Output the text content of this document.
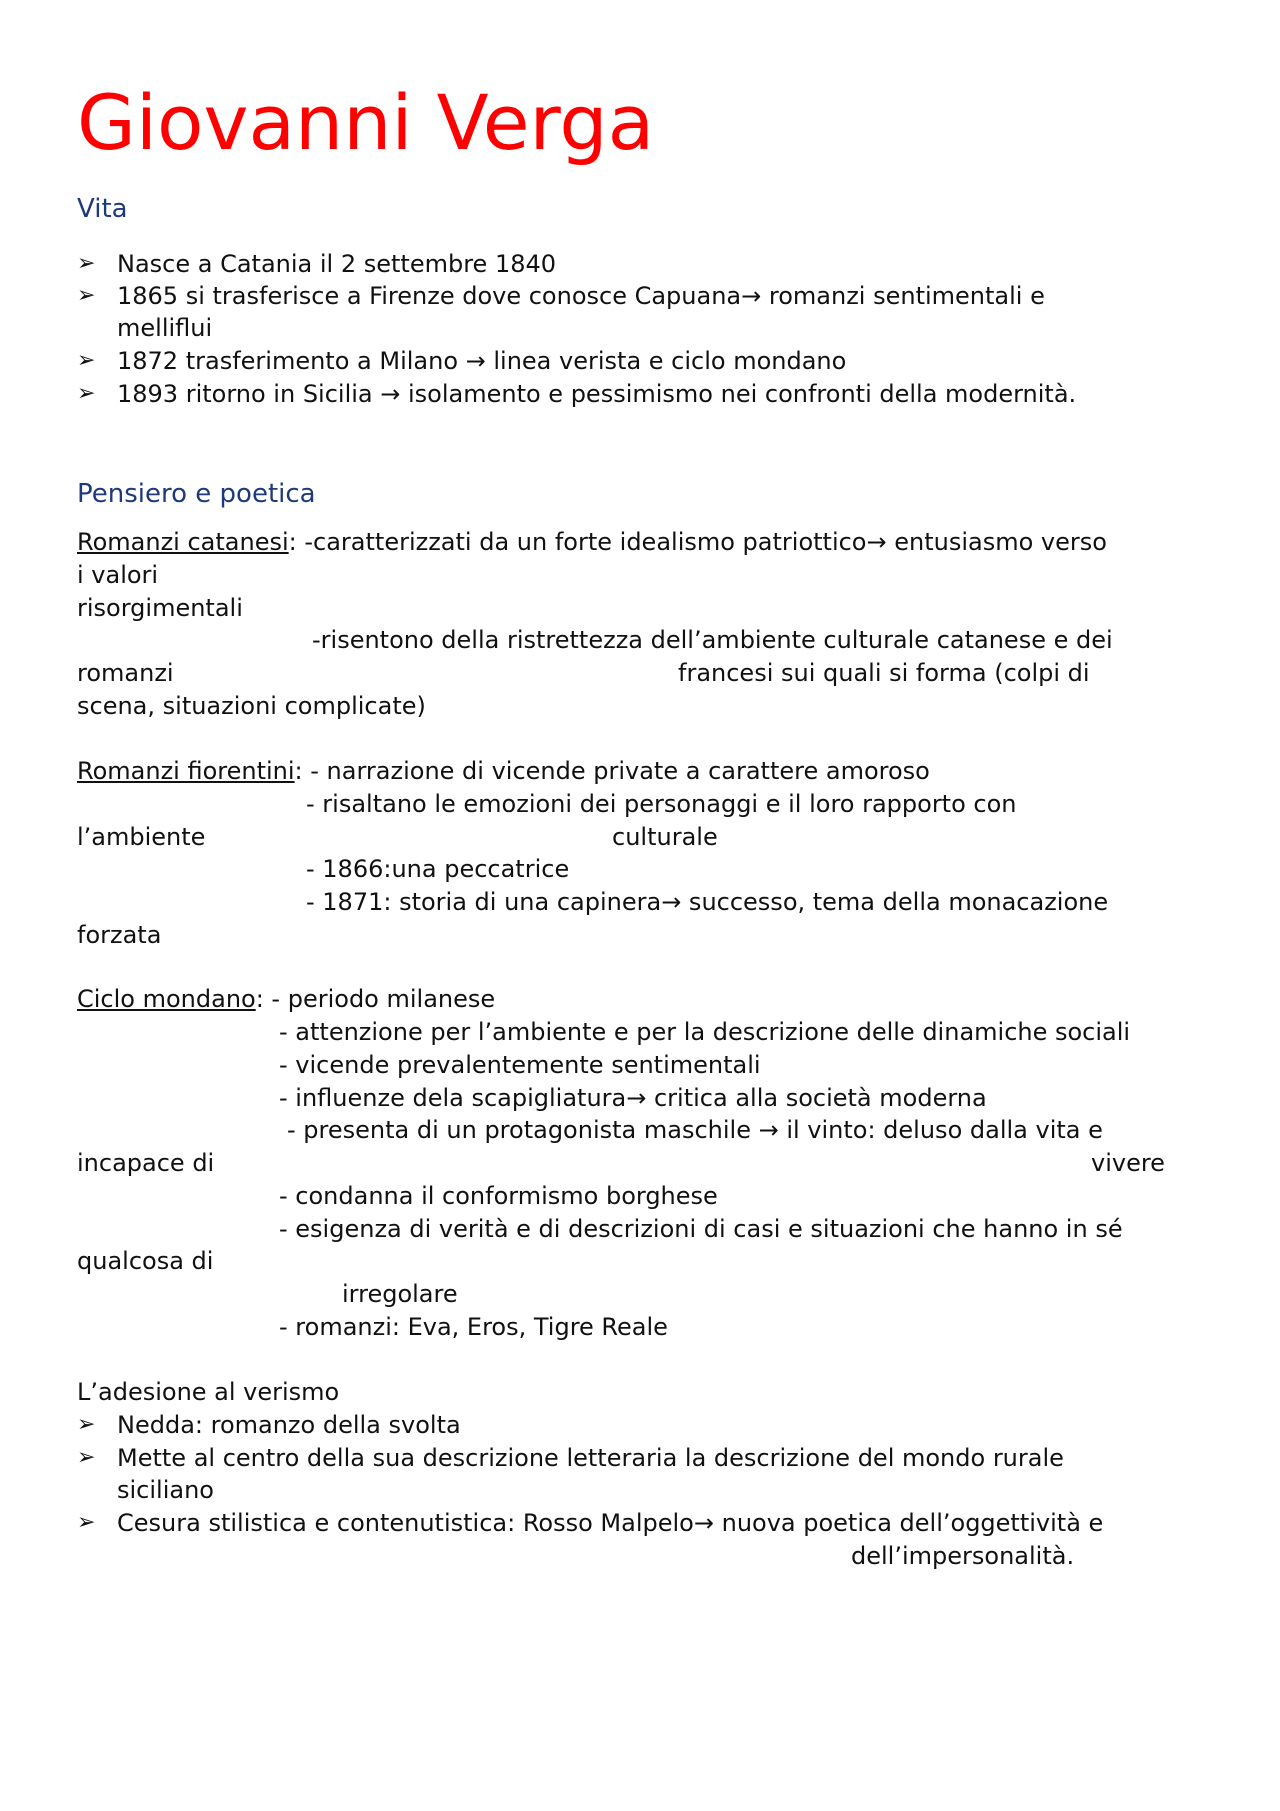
Giovanni Verga
Vita
➢ Nasce a Catania il 2 settembre 1840
➢ 1865 si trasferisce a Firenze dove conosce Capuana→ romanzi sentimentali e
melliflui
➢ 1872 trasferimento a Milano → linea verista e ciclo mondano
➢ 1893 ritorno in Sicilia → isolamento e pessimismo nei confronti della modernità.
Pensiero e poetica
Romanzi catanesi: -caratterizzati da un forte idealismo patriottico→ entusiasmo verso
i valori
risorgimentali
-risentono della ristrettezza dell’ambiente culturale catanese e dei
romanzi	francesi sui quali si forma (colpi di
scena, situazioni complicate)
Romanzi fiorentini: - narrazione di vicende private a carattere amoroso
- risaltano le emozioni dei personaggi e il loro rapporto con
l’ambiente	culturale
- 1866:una peccatrice
- 1871: storia di una capinera→ successo, tema della monacazione
forzata
Ciclo mondano: - periodo milanese
- attenzione per l’ambiente e per la descrizione delle dinamiche sociali
- vicende prevalentemente sentimentali
- influenze dela scapigliatura→ critica alla società moderna
- presenta di un protagonista maschile → il vinto: deluso dalla vita e
incapace di	vivere
- condanna il conformismo borghese
- esigenza di verità e di descrizioni di casi e situazioni che hanno in sé
qualcosa di
irregolare
- romanzi: Eva, Eros, Tigre Reale
L’adesione al verismo
➢ Nedda: romanzo della svolta
➢ Mette al centro della sua descrizione letteraria la descrizione del mondo rurale
siciliano
➢ Cesura stilistica e contenutistica: Rosso Malpelo→ nuova poetica dell’oggettività e
dell’impersonalità.
